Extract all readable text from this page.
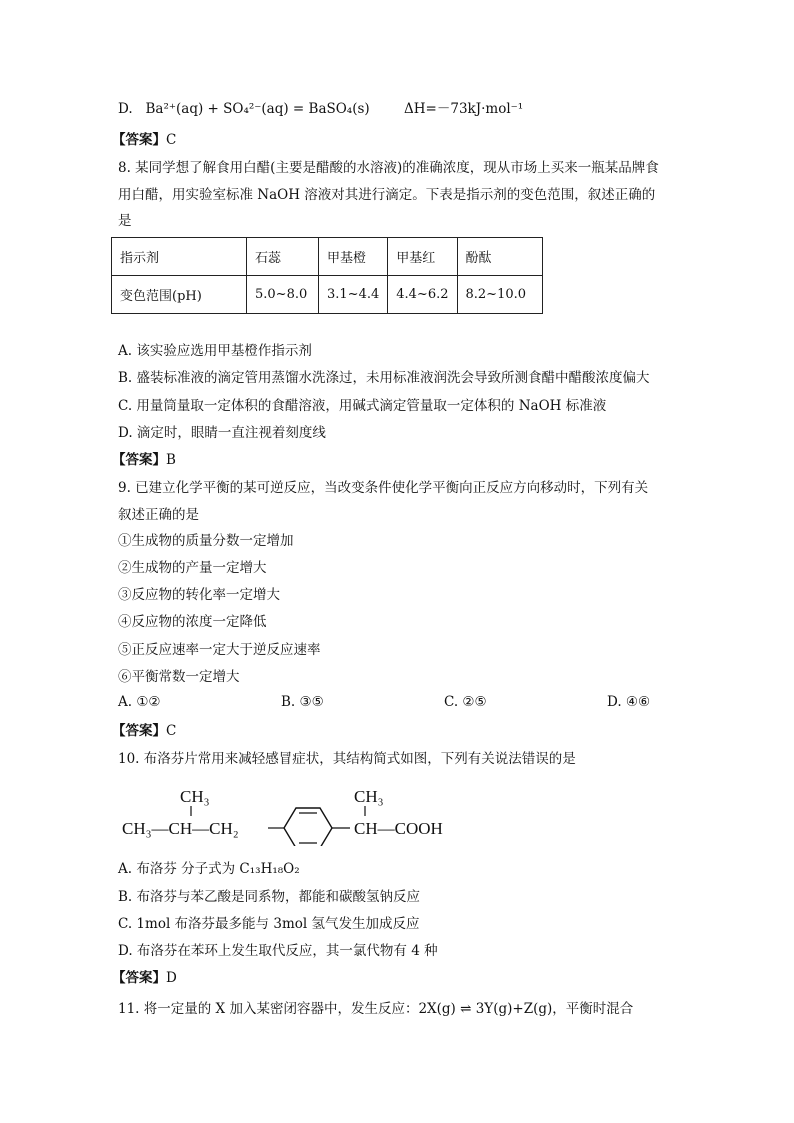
D. Ba²⁺(aq) + SO₄²⁻(aq) = BaSO₄(s)	ΔH=－73kJ·mol⁻¹
【答案】C
8. 某同学想了解食用白醋(主要是醋酸的水溶液)的准确浓度，现从市场上买来一瓶某品牌食
用白醋，用实验室标准 NaOH 溶液对其进行滴定。下表是指示剂的变色范围，叙述正确的
是
指示剂	石蕊	甲基橙	甲基红	酚酞
变色范围(pH)	5.0~8.0	3.1~4.4	4.4~6.2	8.2~10.0
A. 该实验应选用甲基橙作指示剂
B. 盛装标准液的滴定管用蒸馏水洗涤过，未用标准液润洗会导致所测食醋中醋酸浓度偏大
C. 用量筒量取一定体积的食醋溶液，用碱式滴定管量取一定体积的 NaOH 标准液
D. 滴定时，眼睛一直注视着刻度线
【答案】B
9. 已建立化学平衡的某可逆反应，当改变条件使化学平衡向正反应方向移动时，下列有关
叙述正确的是
①生成物的质量分数一定增加
②生成物的产量一定增大
③反应物的转化率一定增大
④反应物的浓度一定降低
⑤正反应速率一定大于逆反应速率
⑥平衡常数一定增大
A. ①②	B. ③⑤	C. ②⑤	D. ④⑥
【答案】C
10. 布洛芬片常用来减轻感冒症状，其结构简式如图，下列有关说法错误的是
CH₃
CH₃—CH—CH₂
CH₃
CH—COOH
A. 布洛芬 分子式为 C₁₃H₁₈O₂
B. 布洛芬与苯乙酸是同系物，都能和碳酸氢钠反应
C. 1mol 布洛芬最多能与 3mol 氢气发生加成反应
D. 布洛芬在苯环上发生取代反应，其一氯代物有 4 种
【答案】D
11. 将一定量的 X 加入某密闭容器中，发生反应：2X(g) ⇌ 3Y(g)+Z(g)，平衡时混合
